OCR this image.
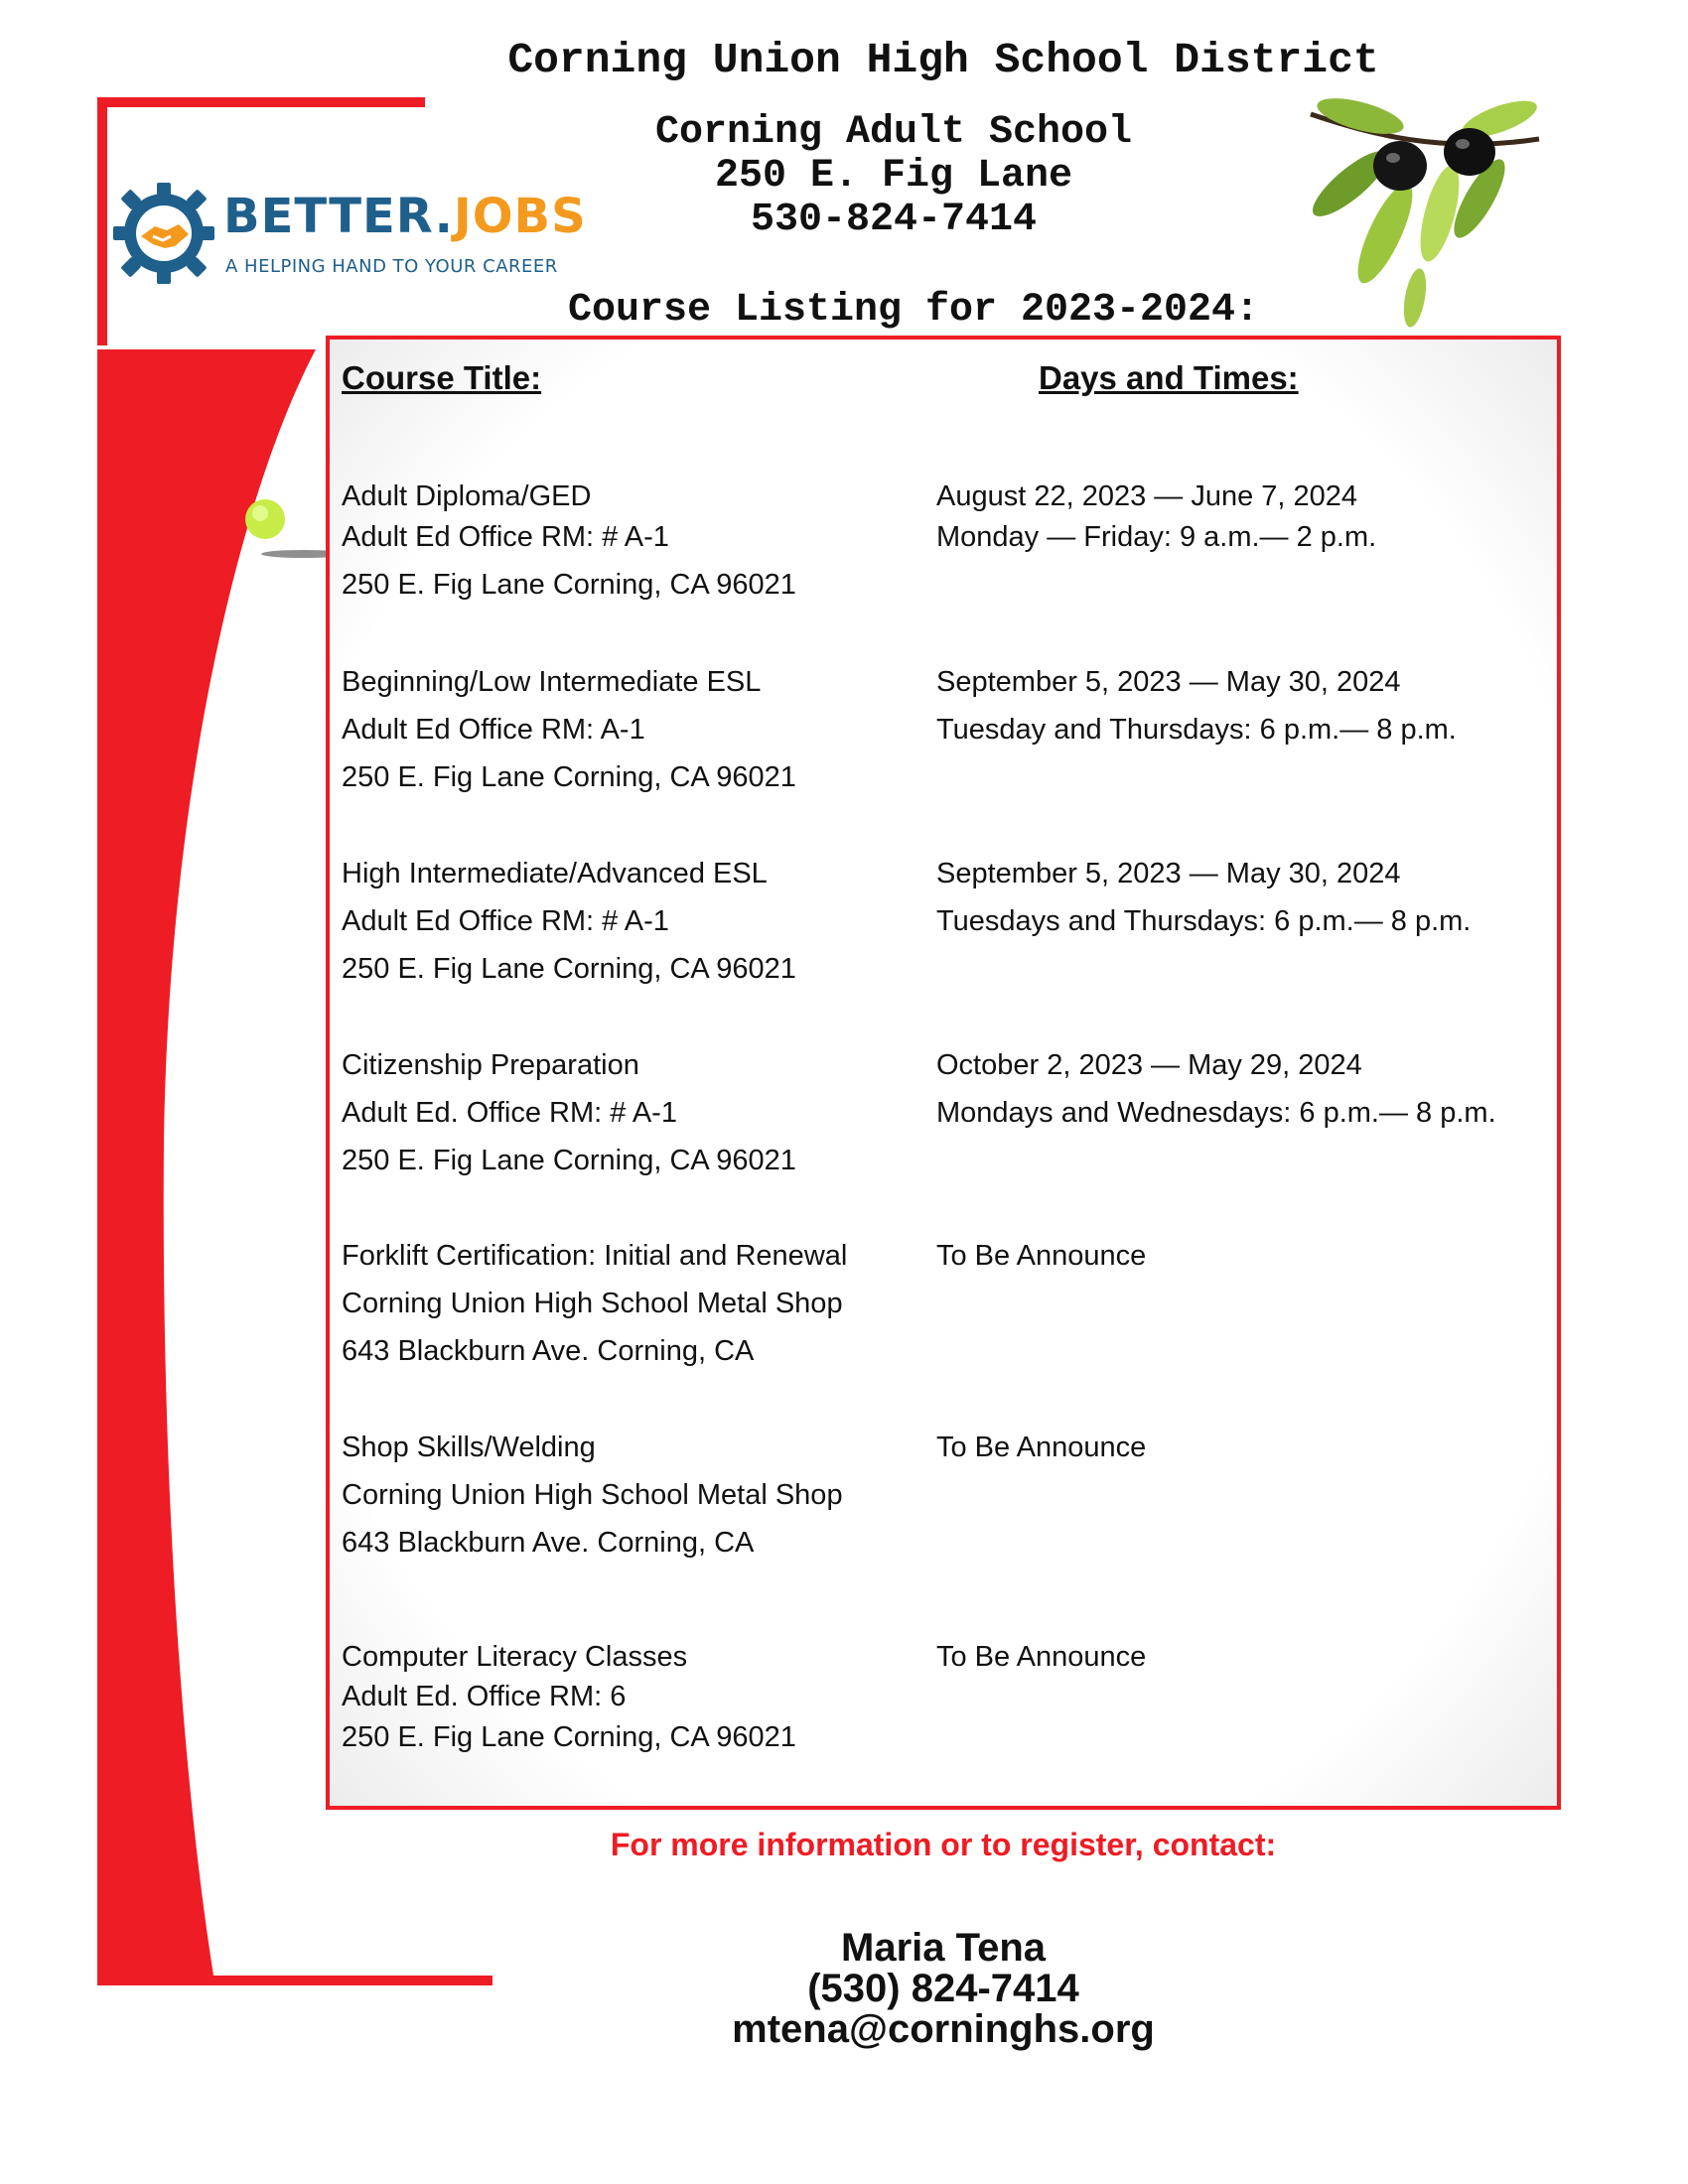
Corning Union High School District
Corning Adult School
250 E. Fig Lane
530-824-7414
BETTER.JOBS
A HELPING HAND TO YOUR CAREER
Course Listing for 2023-2024:
Course Title:	Days and Times:
Adult Diploma/GED
Adult Ed Office RM: # A-1
250 E. Fig Lane Corning, CA 96021
August 22, 2023 — June 7, 2024
Monday — Friday: 9 a.m.— 2 p.m.
Beginning/Low Intermediate ESL
Adult Ed Office RM: A-1
250 E. Fig Lane Corning, CA 96021
September 5, 2023 — May 30, 2024
Tuesday and Thursdays: 6 p.m.— 8 p.m.
High Intermediate/Advanced ESL
Adult Ed Office RM: # A-1
250 E. Fig Lane Corning, CA 96021
September 5, 2023 — May 30, 2024
Tuesdays and Thursdays: 6 p.m.— 8 p.m.
Citizenship Preparation
Adult Ed. Office RM: # A-1
250 E. Fig Lane Corning, CA 96021
October 2, 2023 — May 29, 2024
Mondays and Wednesdays: 6 p.m.— 8 p.m.
Forklift Certification: Initial and Renewal
Corning Union High School Metal Shop
643 Blackburn Ave. Corning, CA
To Be Announce
Shop Skills/Welding
Corning Union High School Metal Shop
643 Blackburn Ave. Corning, CA
To Be Announce
Computer Literacy Classes
Adult Ed. Office RM: 6
250 E. Fig Lane Corning, CA 96021
To Be Announce
For more information or to register, contact:
Maria Tena
(530) 824-7414
mtena@corninghs.org
